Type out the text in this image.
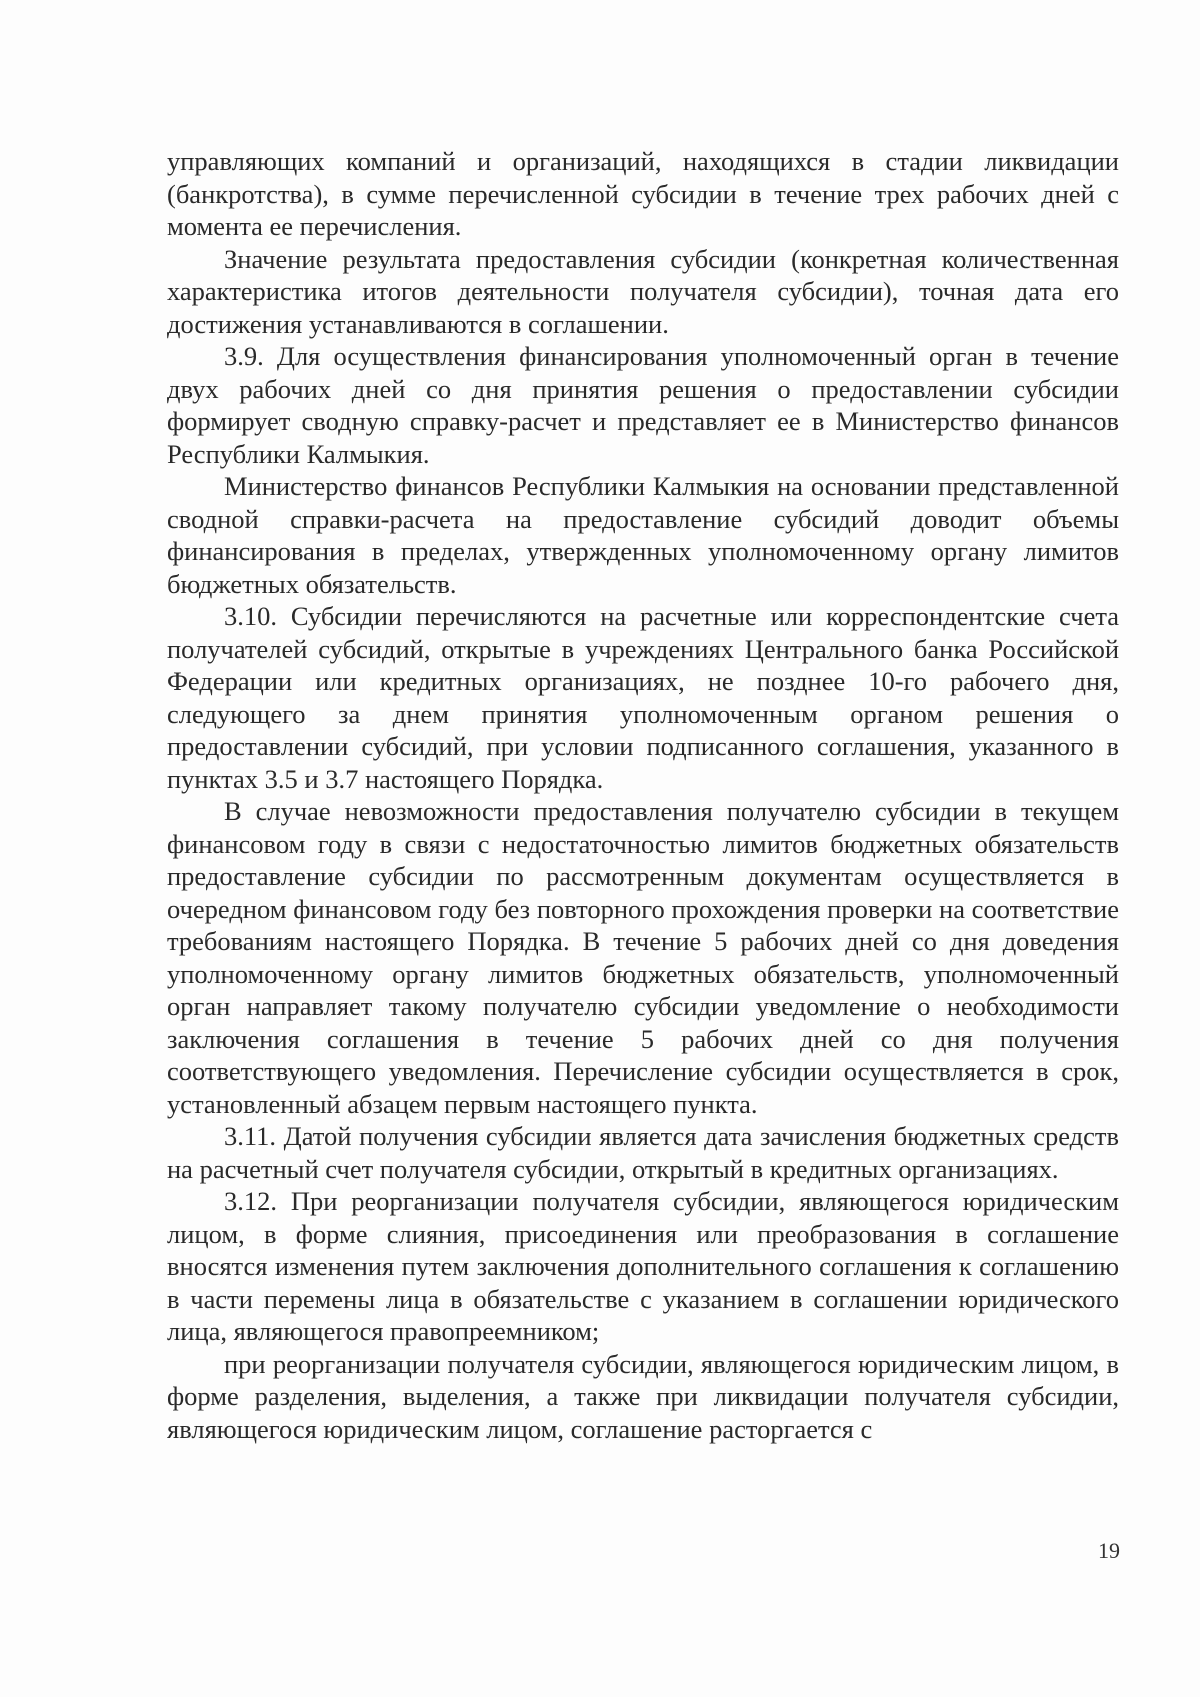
управляющих компаний и организаций, находящихся в стадии ликвидации (банкротства), в сумме перечисленной субсидии в течение трех рабочих дней с момента ее перечисления.

Значение результата предоставления субсидии (конкретная количественная характеристика итогов деятельности получателя субсидии), точная дата его достижения устанавливаются в соглашении.

3.9. Для осуществления финансирования уполномоченный орган в течение двух рабочих дней со дня принятия решения о предоставлении субсидии формирует сводную справку-расчет и представляет ее в Министерство финансов Республики Калмыкия.

Министерство финансов Республики Калмыкия на основании представленной сводной справки-расчета на предоставление субсидий доводит объемы финансирования в пределах, утвержденных уполномоченному органу лимитов бюджетных обязательств.

3.10. Субсидии перечисляются на расчетные или корреспондентские счета получателей субсидий, открытые в учреждениях Центрального банка Российской Федерации или кредитных организациях, не позднее 10-го рабочего дня, следующего за днем принятия уполномоченным органом решения о предоставлении субсидий, при условии подписанного соглашения, указанного в пунктах 3.5 и 3.7 настоящего Порядка.

В случае невозможности предоставления получателю субсидии в текущем финансовом году в связи с недостаточностью лимитов бюджетных обязательств предоставление субсидии по рассмотренным документам осуществляется в очередном финансовом году без повторного прохождения проверки на соответствие требованиям настоящего Порядка. В течение 5 рабочих дней со дня доведения уполномоченному органу лимитов бюджетных обязательств, уполномоченный орган направляет такому получателю субсидии уведомление о необходимости заключения соглашения в течение 5 рабочих дней со дня получения соответствующего уведомления. Перечисление субсидии осуществляется в срок, установленный абзацем первым настоящего пункта.

3.11. Датой получения субсидии является дата зачисления бюджетных средств на расчетный счет получателя субсидии, открытый в кредитных организациях.

3.12. При реорганизации получателя субсидии, являющегося юридическим лицом, в форме слияния, присоединения или преобразования в соглашение вносятся изменения путем заключения дополнительного соглашения к соглашению в части перемены лица в обязательстве с указанием в соглашении юридического лица, являющегося правопреемником;

при реорганизации получателя субсидии, являющегося юридическим лицом, в форме разделения, выделения, а также при ликвидации получателя субсидии, являющегося юридическим лицом, соглашение расторгается с

19
